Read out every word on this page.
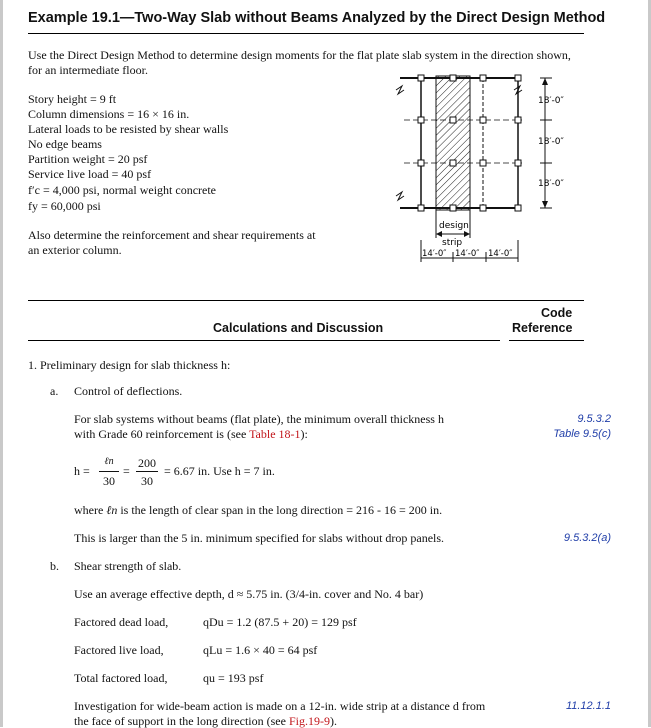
Example 19.1—Two-Way Slab without Beams Analyzed by the Direct Design Method
Use the Direct Design Method to determine design moments for the flat plate slab system in the direction shown,
for an intermediate floor.
Story height = 9 ft
Column dimensions = 16 × 16 in.
Lateral loads to be resisted by shear walls
No edge beams
Partition weight = 20 psf
Service live load = 40 psf
f′c = 4,000 psi, normal weight concrete
fy = 60,000 psi
Also determine the reinforcement and shear requirements at
an exterior column.
18′-0″
18′-0″
18′-0″
design
strip
14′-0″ 14′-0″ 14′-0″
Calculations and Discussion
Code
Reference
1. Preliminary design for slab thickness h:
a. Control of deflections.
For slab systems without beams (flat plate), the minimum overall thickness h
with Grade 60 reinforcement is (see Table 18-1):
9.5.3.2
Table 9.5(c)
h =
ℓn
30
=
200
30
= 6.67 in. Use h = 7 in.
where ℓn is the length of clear span in the long direction = 216 - 16 = 200 in.
This is larger than the 5 in. minimum specified for slabs without drop panels.	9.5.3.2(a)
b. Shear strength of slab.
Use an average effective depth, d ≈ 5.75 in. (3/4-in. cover and No. 4 bar)
Factored dead load,	qDu = 1.2 (87.5 + 20) = 129 psf
Factored live load,	qLu = 1.6 × 40 = 64 psf
Total factored load,	qu = 193 psf
Investigation for wide-beam action is made on a 12-in. wide strip at a distance d from
the face of support in the long direction (see Fig.19-9).
11.12.1.1
